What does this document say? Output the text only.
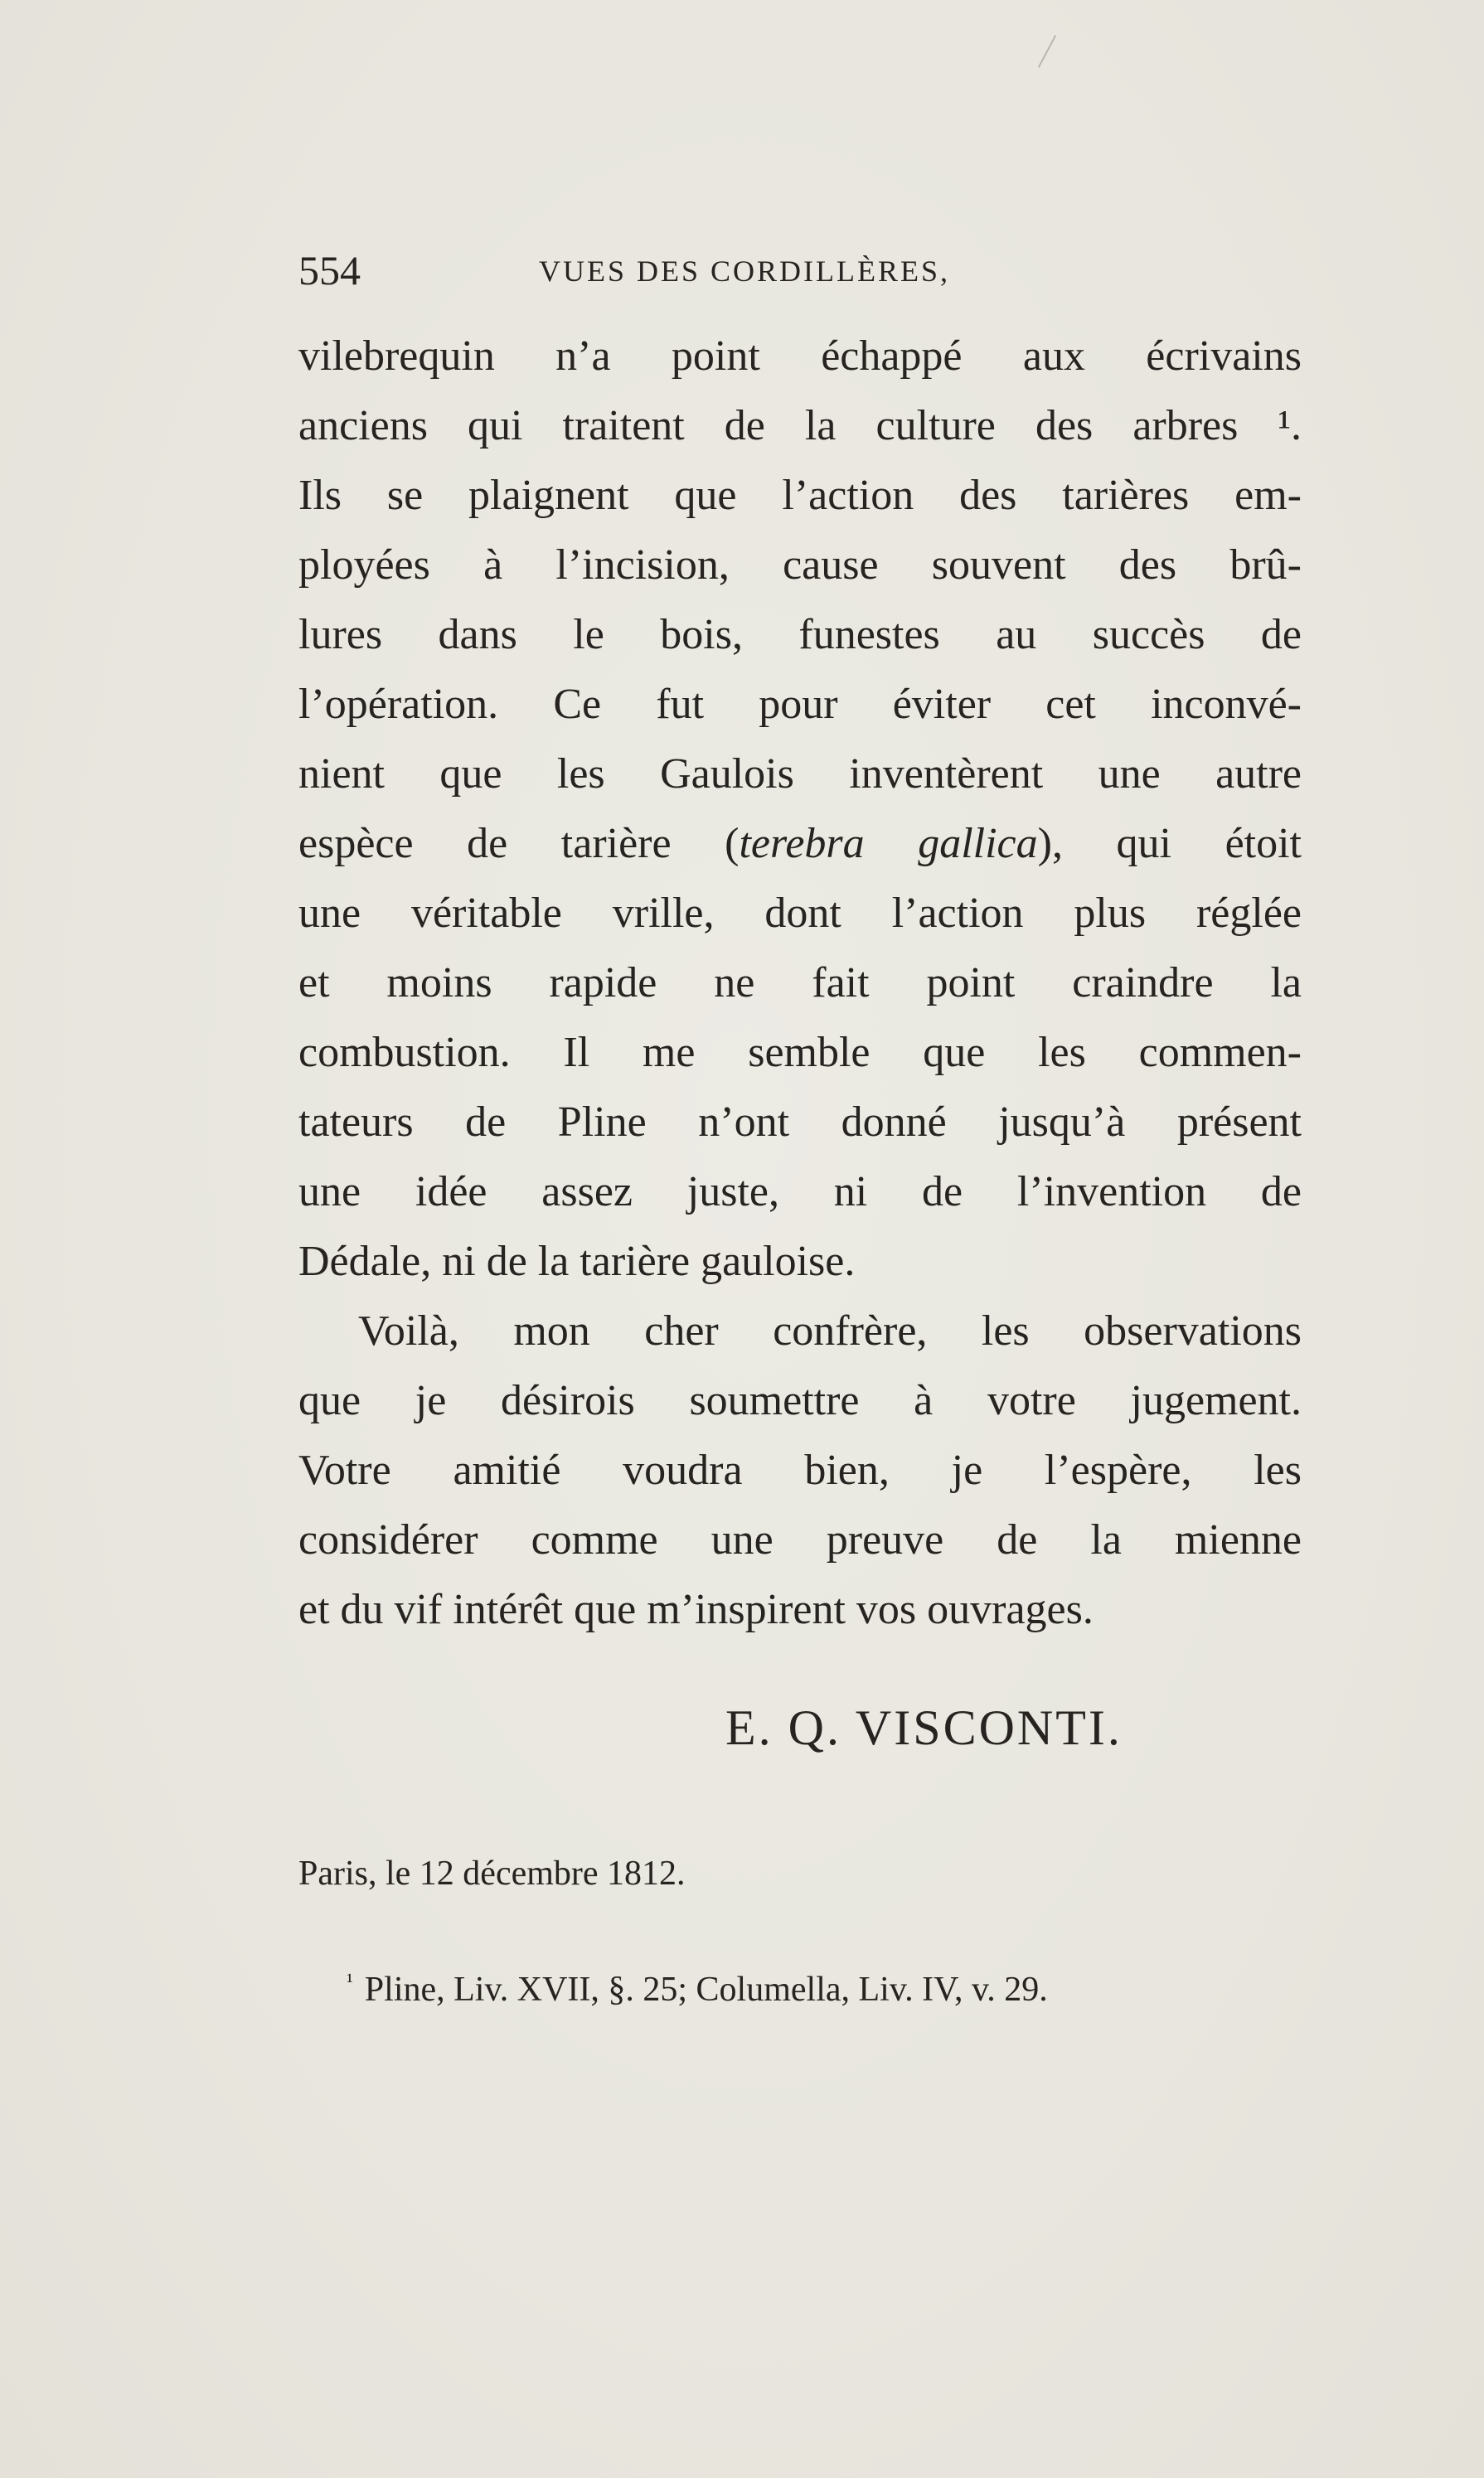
554	VUES DES CORDILLÈRES,
vilebrequin n’a point échappé aux écrivains
anciens qui traitent de la culture des arbres ¹.
Ils se plaignent que l’action des tarières em-
ployées à l’incision, cause souvent des brû-
lures dans le bois, funestes au succès de
l’opération. Ce fut pour éviter cet inconvé-
nient que les Gaulois inventèrent une autre
espèce de tarière (terebra gallica), qui étoit
une véritable vrille, dont l’action plus réglée
et moins rapide ne fait point craindre la
combustion. Il me semble que les commen-
tateurs de Pline n’ont donné jusqu’à présent
une idée assez juste, ni de l’invention de
Dédale, ni de la tarière gauloise.
Voilà, mon cher confrère, les observations
que je désirois soumettre à votre jugement.
Votre amitié voudra bien, je l’espère, les
considérer comme une preuve de la mienne
et du vif intérêt que m’inspirent vos ouvrages.
E. Q. VISCONTI.
Paris, le 12 décembre 1812.
$^{^1}$ Pline, Liv. XVII, §. 25; Columella, Liv. IV, v. 29.
